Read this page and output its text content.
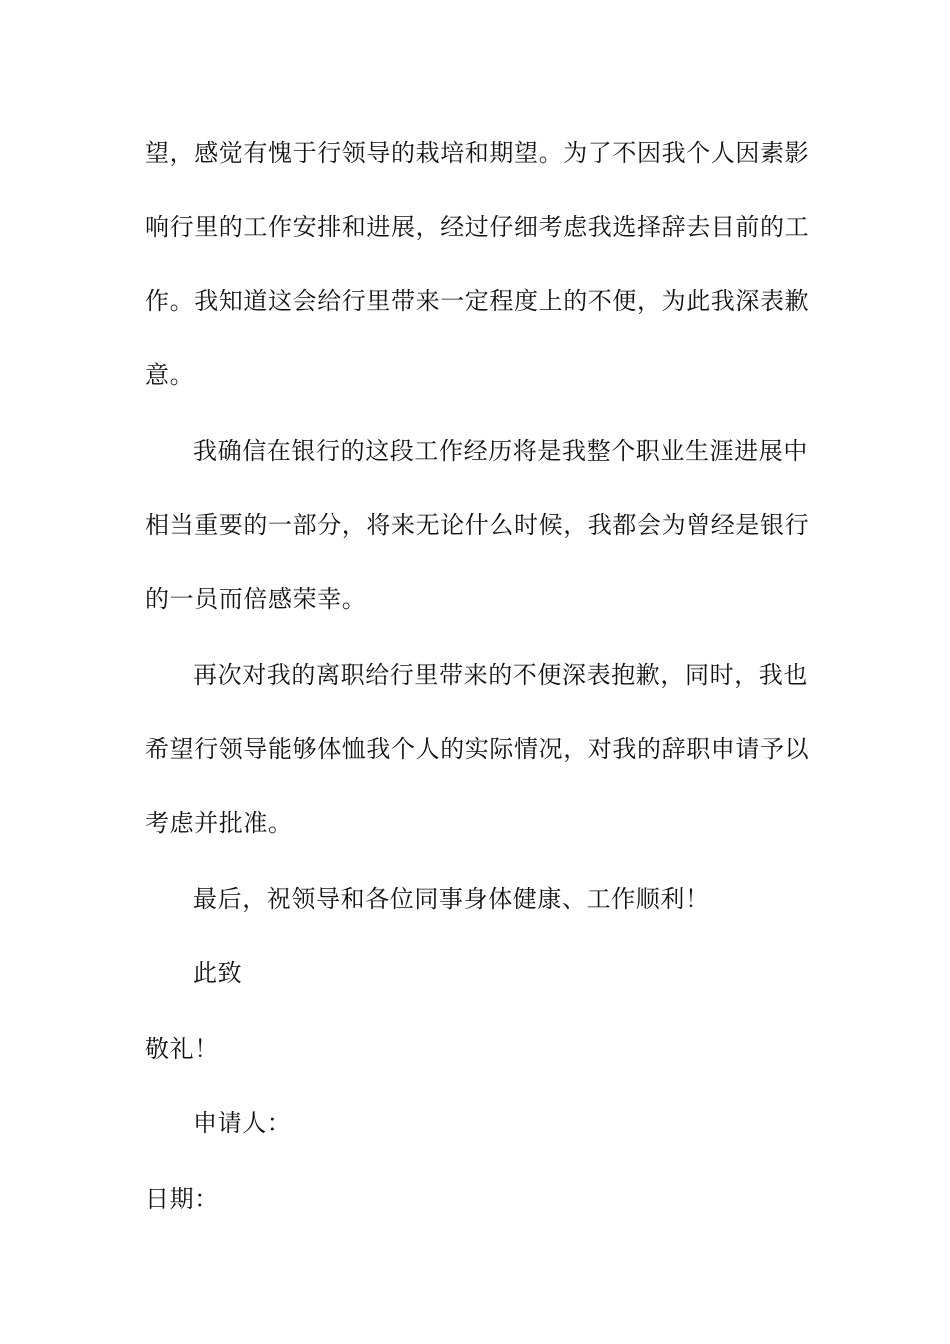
望，感觉有愧于行领导的栽培和期望。为了不因我个人因素影
响行里的工作安排和进展，经过仔细考虑我选择辞去目前的工
作。我知道这会给行里带来一定程度上的不便，为此我深表歉
意。
我确信在银行的这段工作经历将是我整个职业生涯进展中
相当重要的一部分，将来无论什么时候，我都会为曾经是银行
的一员而倍感荣幸。
再次对我的离职给行里带来的不便深表抱歉，同时，我也
希望行领导能够体恤我个人的实际情况，对我的辞职申请予以
考虑并批准。
最后，祝领导和各位同事身体健康、工作顺利！
此致
敬礼！
申请人：
日期：
